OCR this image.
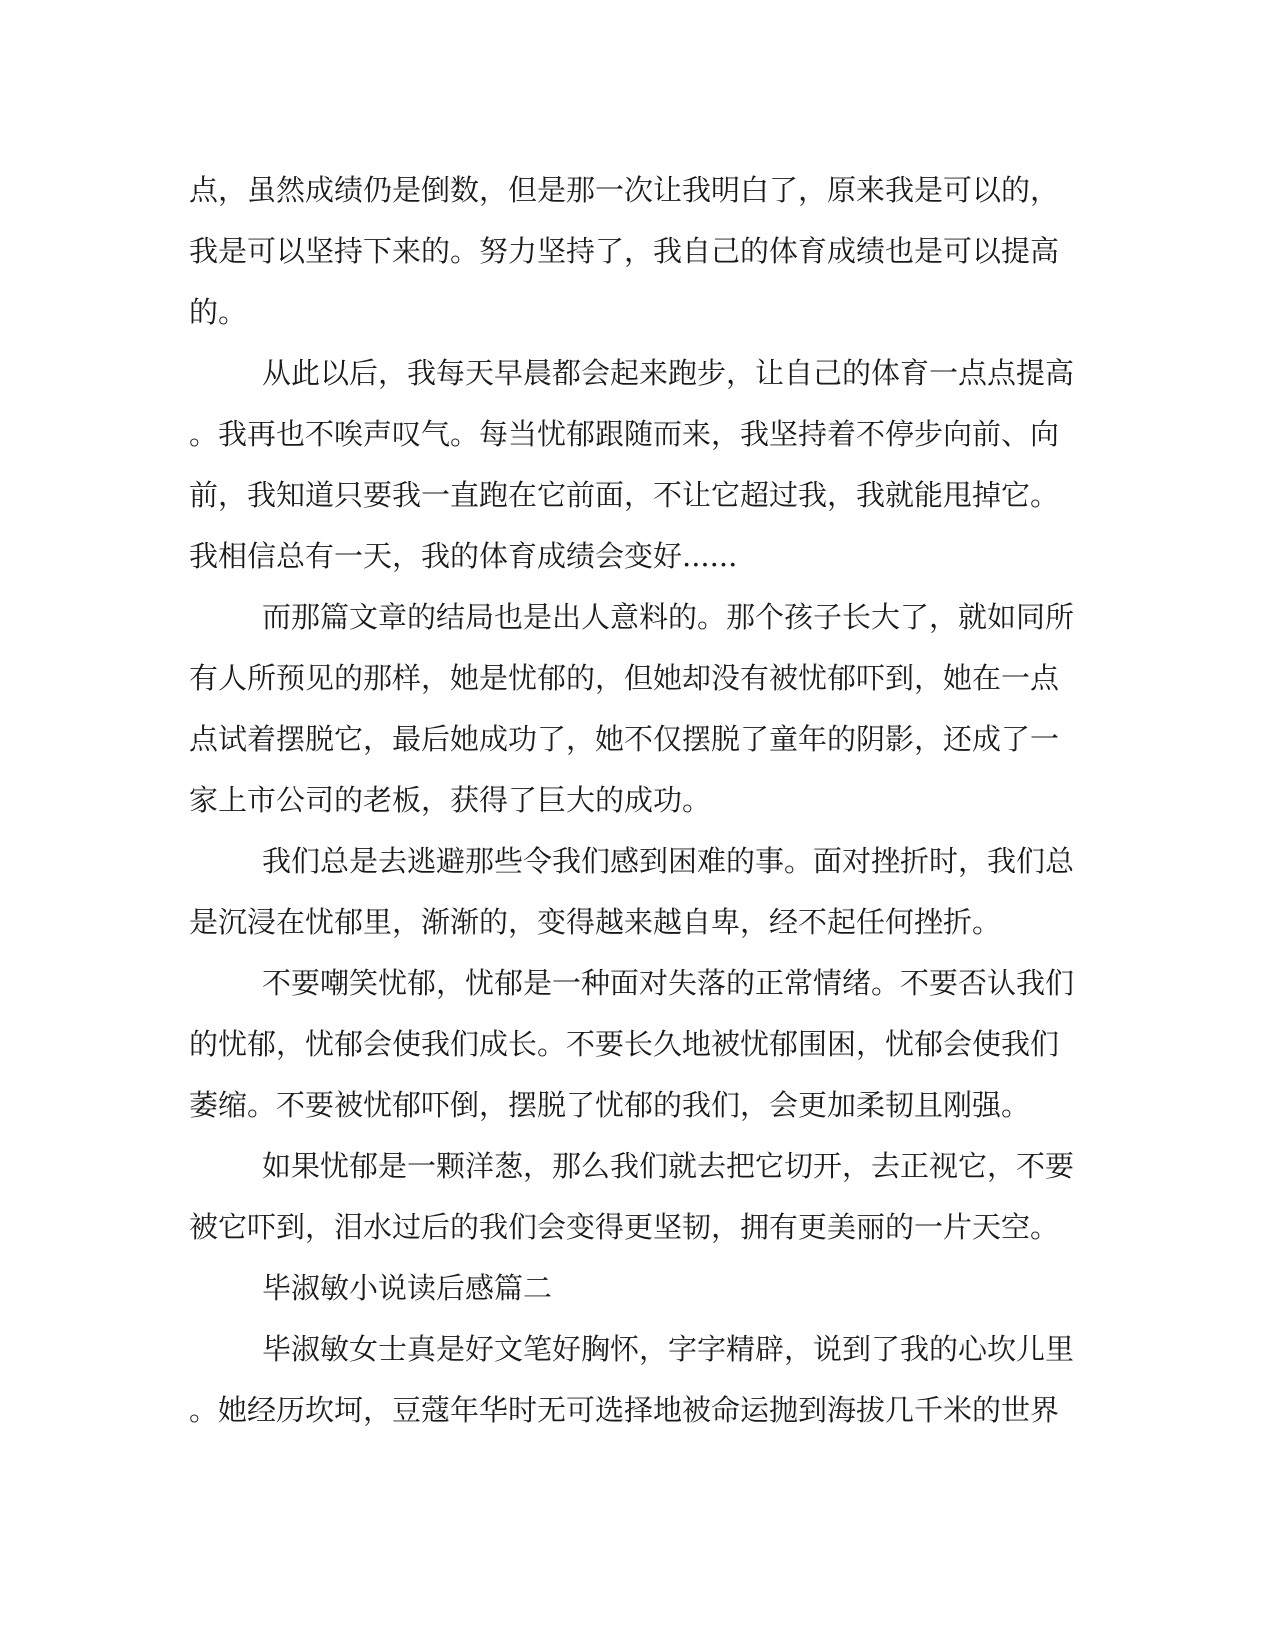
点，虽然成绩仍是倒数，但是那一次让我明白了，原来我是可以的，
我是可以坚持下来的。努力坚持了，我自己的体育成绩也是可以提高
的。
从此以后，我每天早晨都会起来跑步，让自己的体育一点点提高
。我再也不唉声叹气。每当忧郁跟随而来，我坚持着不停步向前、向
前，我知道只要我一直跑在它前面，不让它超过我，我就能甩掉它。
我相信总有一天，我的体育成绩会变好......
而那篇文章的结局也是出人意料的。那个孩子长大了，就如同所
有人所预见的那样，她是忧郁的，但她却没有被忧郁吓到，她在一点
点试着摆脱它，最后她成功了，她不仅摆脱了童年的阴影，还成了一
家上市公司的老板，获得了巨大的成功。
我们总是去逃避那些令我们感到困难的事。面对挫折时，我们总
是沉浸在忧郁里，渐渐的，变得越来越自卑，经不起任何挫折。
不要嘲笑忧郁，忧郁是一种面对失落的正常情绪。不要否认我们
的忧郁，忧郁会使我们成长。不要长久地被忧郁围困，忧郁会使我们
萎缩。不要被忧郁吓倒，摆脱了忧郁的我们，会更加柔韧且刚强。
如果忧郁是一颗洋葱，那么我们就去把它切开，去正视它，不要
被它吓到，泪水过后的我们会变得更坚韧，拥有更美丽的一片天空。
毕淑敏小说读后感篇二
毕淑敏女士真是好文笔好胸怀，字字精辟，说到了我的心坎儿里
。她经历坎坷，豆蔻年华时无可选择地被命运抛到海拔几千米的世界
